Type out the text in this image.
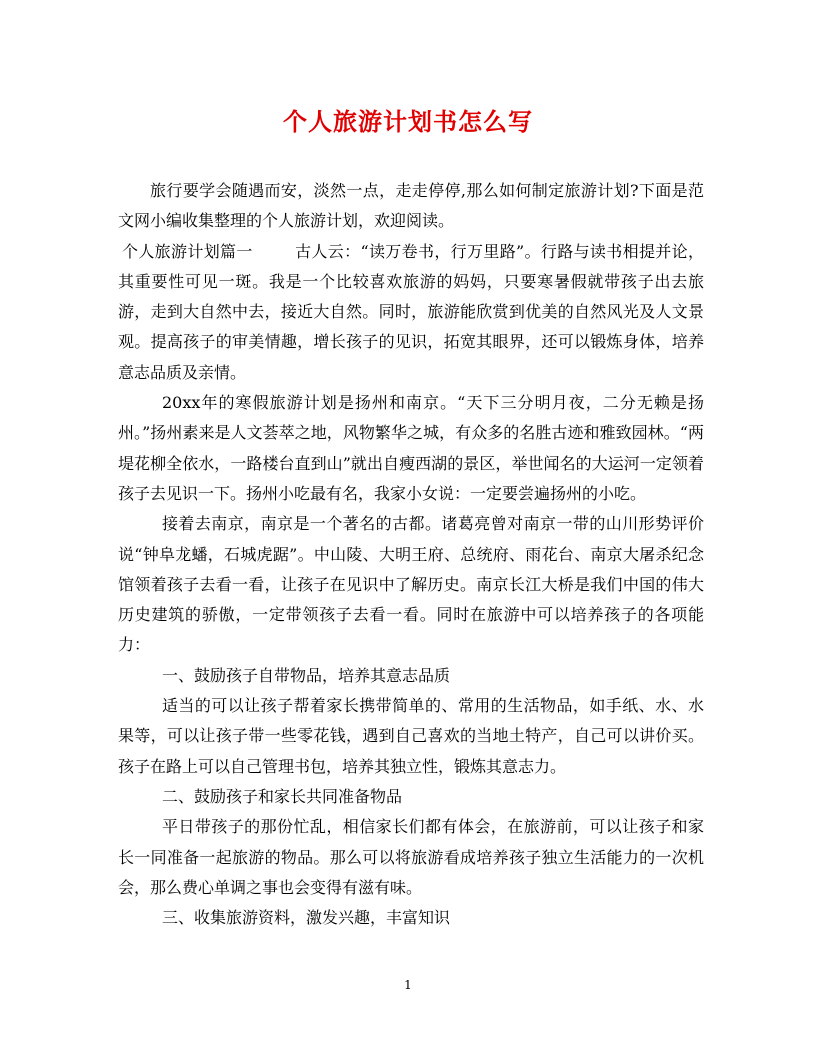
个人旅游计划书怎么写

旅行要学会随遇而安，淡然一点，走走停停,那么如何制定旅游计划?下面是范文网小编收集整理的个人旅游计划，欢迎阅读。

个人旅游计划篇一	古人云：“读万卷书，行万里路”。行路与读书相提并论，其重要性可见一斑。我是一个比较喜欢旅游的妈妈，只要寒暑假就带孩子出去旅游，走到大自然中去，接近大自然。同时，旅游能欣赏到优美的自然风光及人文景观。提高孩子的审美情趣，增长孩子的见识，拓宽其眼界，还可以锻炼身体，培养意志品质及亲情。

20xx年的寒假旅游计划是扬州和南京。“天下三分明月夜，二分无赖是扬州。”扬州素来是人文荟萃之地，风物繁华之城，有众多的名胜古迹和雅致园林。“两堤花柳全依水，一路楼台直到山”就出自瘦西湖的景区，举世闻名的大运河一定领着孩子去见识一下。扬州小吃最有名，我家小女说：一定要尝遍扬州的小吃。

接着去南京，南京是一个著名的古都。诸葛亮曾对南京一带的山川形势评价说“钟阜龙蟠，石城虎踞”。中山陵、大明王府、总统府、雨花台、南京大屠杀纪念馆领着孩子去看一看，让孩子在见识中了解历史。南京长江大桥是我们中国的伟大历史建筑的骄傲，一定带领孩子去看一看。同时在旅游中可以培养孩子的各项能力：

一、鼓励孩子自带物品，培养其意志品质

适当的可以让孩子帮着家长携带简单的、常用的生活物品，如手纸、水、水果等，可以让孩子带一些零花钱，遇到自己喜欢的当地土特产，自己可以讲价买。孩子在路上可以自己管理书包，培养其独立性，锻炼其意志力。

二、鼓励孩子和家长共同准备物品

平日带孩子的那份忙乱，相信家长们都有体会，在旅游前，可以让孩子和家长一同准备一起旅游的物品。那么可以将旅游看成培养孩子独立生活能力的一次机会，那么费心单调之事也会变得有滋有味。

三、收集旅游资料，激发兴趣，丰富知识

1
